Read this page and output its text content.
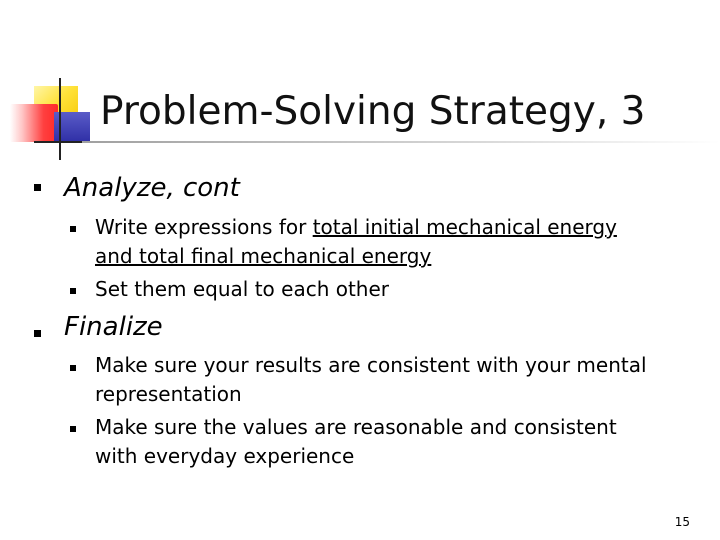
Problem-Solving Strategy, 3
Analyze, cont
Write expressions for total initial mechanical energy
and total final mechanical energy
Set them equal to each other
Finalize
Make sure your results are consistent with your mental
representation
Make sure the values are reasonable and consistent
with everyday experience
15
